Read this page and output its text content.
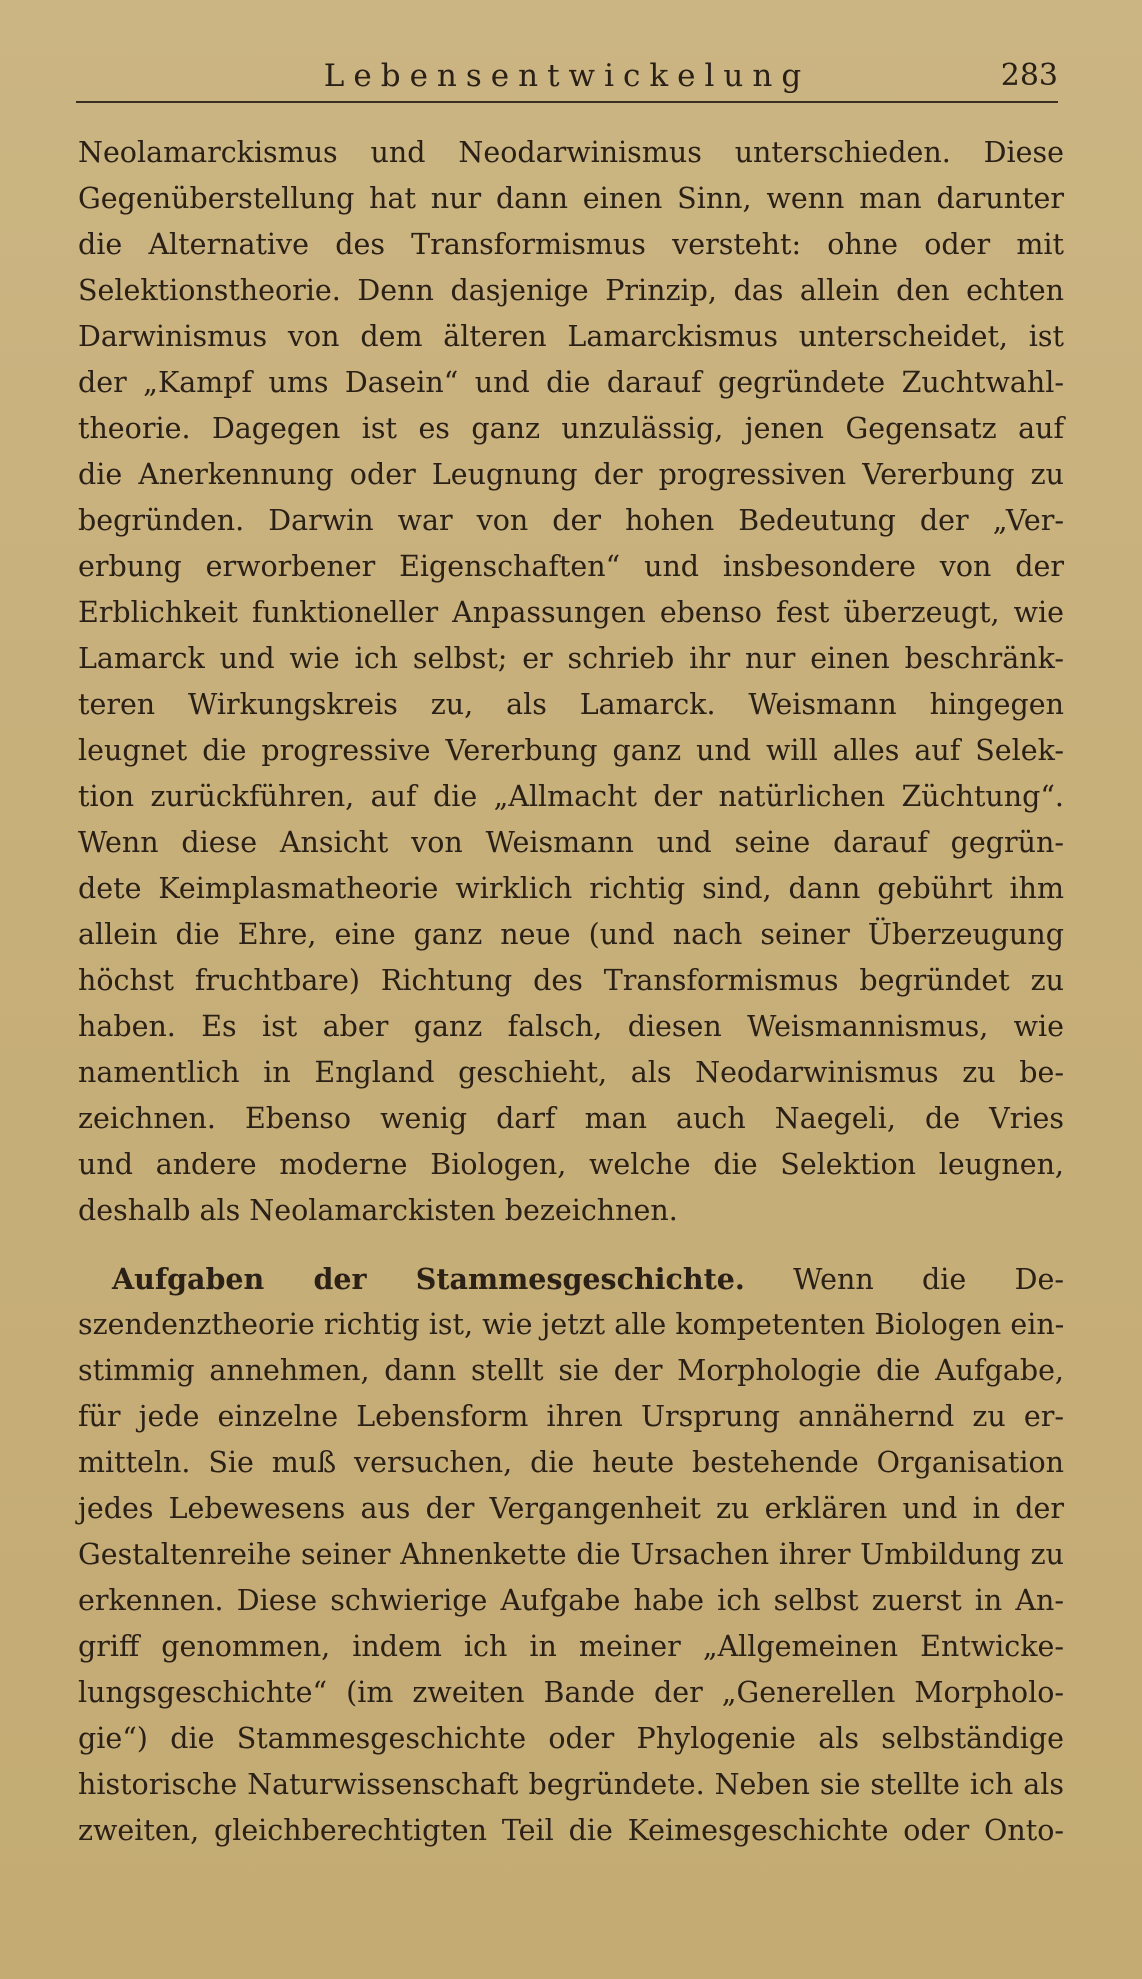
Lebensentwickelung	283
Neolamarckismus und Neodarwinismus unterschieden. Diese
Gegenüberstellung hat nur dann einen Sinn, wenn man darunter
die Alternative des Transformismus versteht: ohne oder mit
Selektionstheorie. Denn dasjenige Prinzip, das allein den echten
Darwinismus von dem älteren Lamarckismus unterscheidet, ist
der „Kampf ums Dasein“ und die darauf gegründete Zuchtwahl-
theorie. Dagegen ist es ganz unzulässig, jenen Gegensatz auf
die Anerkennung oder Leugnung der progressiven Vererbung zu
begründen. Darwin war von der hohen Bedeutung der „Ver-
erbung erworbener Eigenschaften“ und insbesondere von der
Erblichkeit funktioneller Anpassungen ebenso fest überzeugt, wie
Lamarck und wie ich selbst; er schrieb ihr nur einen beschränk-
teren Wirkungskreis zu, als Lamarck. Weismann hingegen
leugnet die progressive Vererbung ganz und will alles auf Selek-
tion zurückführen, auf die „Allmacht der natürlichen Züchtung“.
Wenn diese Ansicht von Weismann und seine darauf gegrün-
dete Keimplasmatheorie wirklich richtig sind, dann gebührt ihm
allein die Ehre, eine ganz neue (und nach seiner Überzeugung
höchst fruchtbare) Richtung des Transformismus begründet zu
haben. Es ist aber ganz falsch, diesen Weismannismus, wie
namentlich in England geschieht, als Neodarwinismus zu be-
zeichnen. Ebenso wenig darf man auch Naegeli, de Vries
und andere moderne Biologen, welche die Selektion leugnen,
deshalb als Neolamarckisten bezeichnen.
Aufgaben der Stammesgeschichte. Wenn die De-
szendenztheorie richtig ist, wie jetzt alle kompetenten Biologen ein-
stimmig annehmen, dann stellt sie der Morphologie die Aufgabe,
für jede einzelne Lebensform ihren Ursprung annähernd zu er-
mitteln. Sie muß versuchen, die heute bestehende Organisation
jedes Lebewesens aus der Vergangenheit zu erklären und in der
Gestaltenreihe seiner Ahnenkette die Ursachen ihrer Umbildung zu
erkennen. Diese schwierige Aufgabe habe ich selbst zuerst in An-
griff genommen, indem ich in meiner „Allgemeinen Entwicke-
lungsgeschichte“ (im zweiten Bande der „Generellen Morpholo-
gie“) die Stammesgeschichte oder Phylogenie als selbständige
historische Naturwissenschaft begründete. Neben sie stellte ich als
zweiten, gleichberechtigten Teil die Keimesgeschichte oder Onto-
